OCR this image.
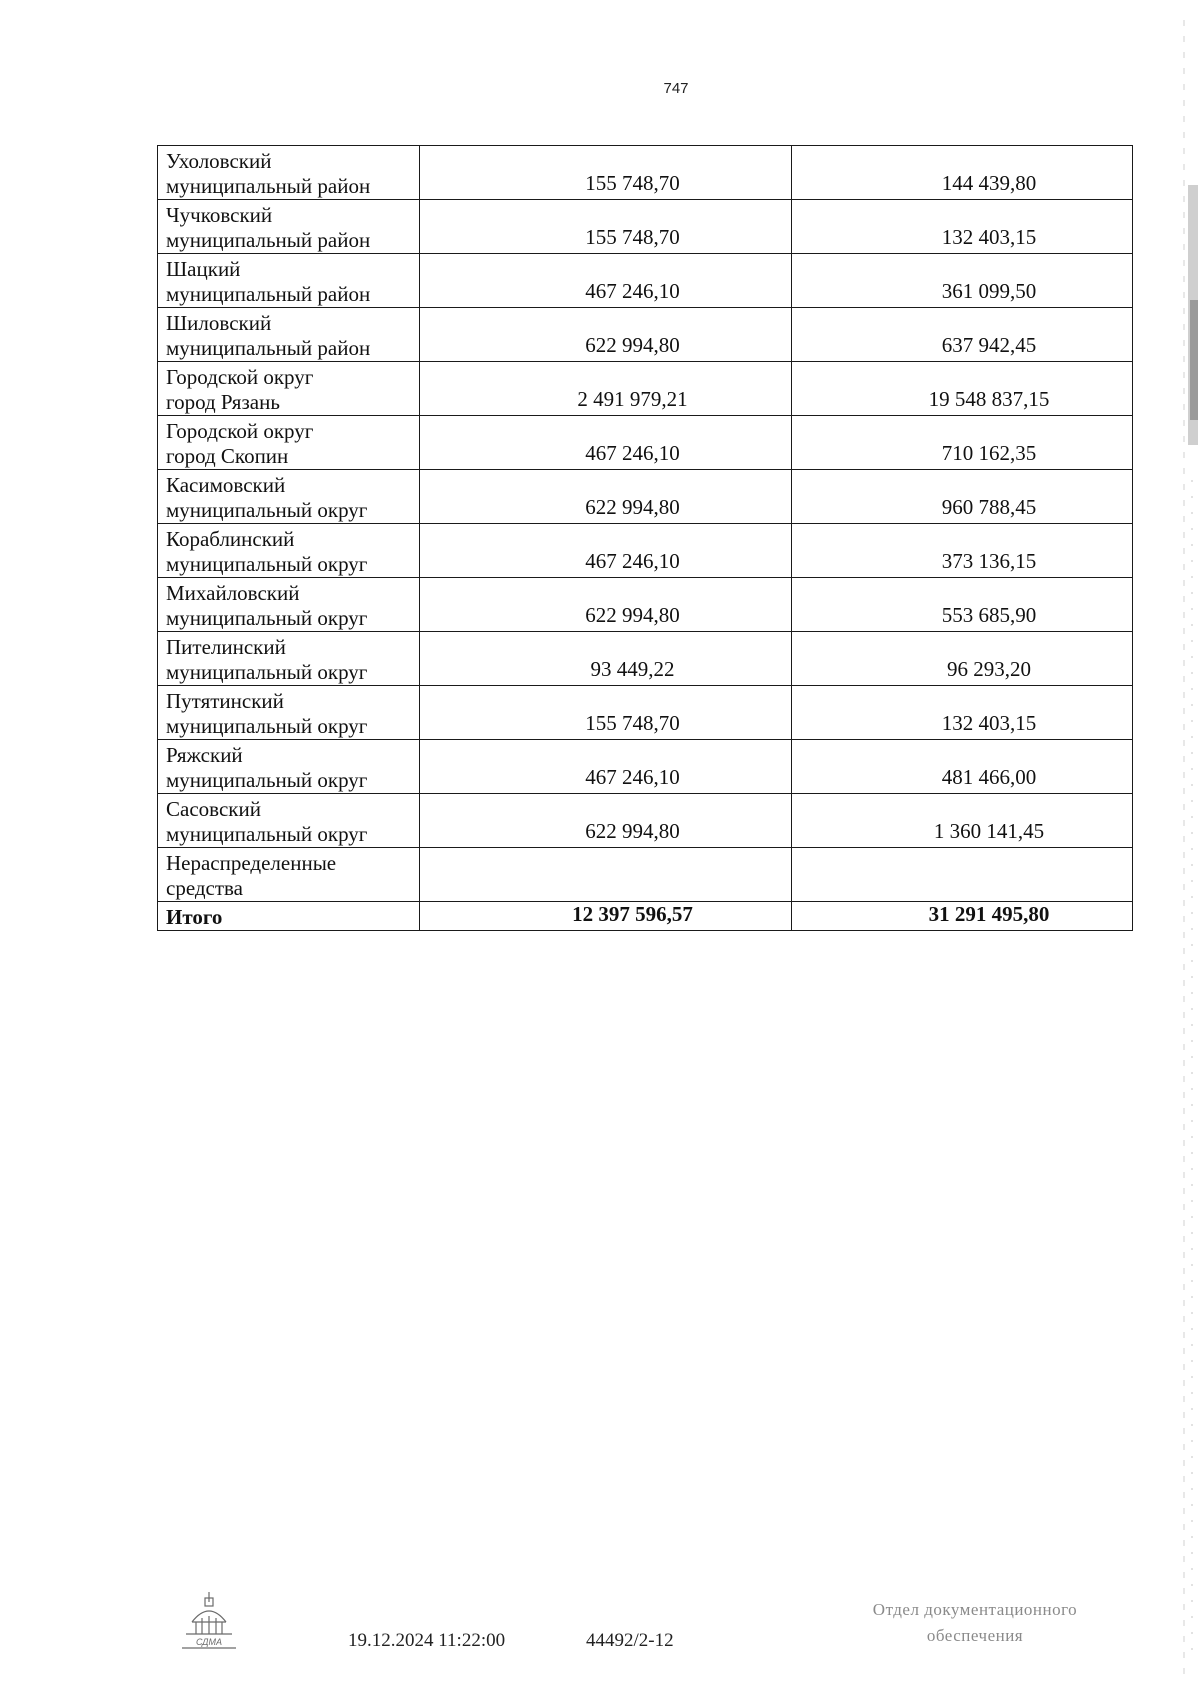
747
Ухоловский
муниципальный район	155 748,70	144 439,80

Чучковский
муниципальный район	155 748,70	132 403,15

Шацкий
муниципальный район	467 246,10	361 099,50

Шиловский
муниципальный район	622 994,80	637 942,45

Городской округ
город Рязань	2 491 979,21	19 548 837,15

Городской округ
город Скопин	467 246,10	710 162,35

Касимовский
муниципальный округ	622 994,80	960 788,45

Кораблинский
муниципальный округ	467 246,10	373 136,15

Михайловский
муниципальный округ	622 994,80	553 685,90

Пителинский
муниципальный округ	93 449,22	96 293,20

Путятинский
муниципальный округ	155 748,70	132 403,15

Ряжский
муниципальный округ	467 246,10	481 466,00

Сасовский
муниципальный округ	622 994,80	1 360 141,45

Нераспределенные
средства		

Итого	12 397 596,57	31 291 495,80
СДМА	19.12.2024 11:22:00	44492/2-12
Отдел документационного
обеспечения
